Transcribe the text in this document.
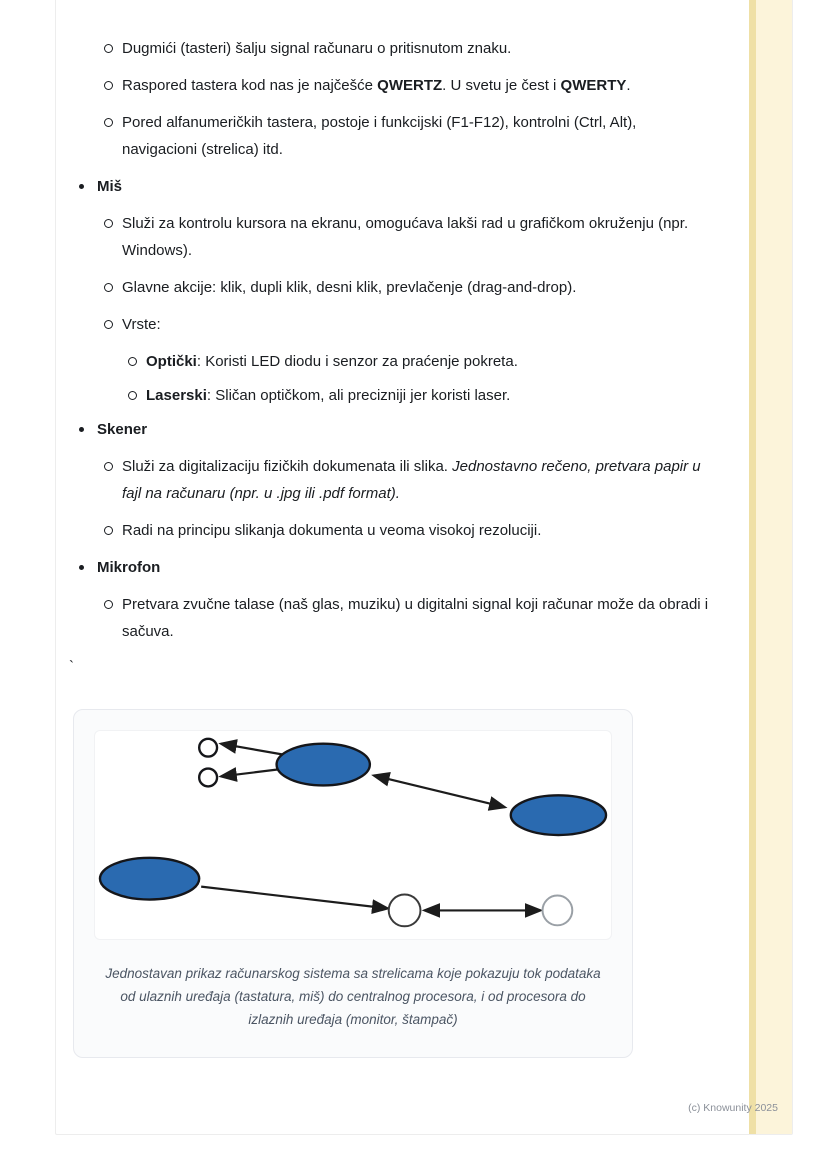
Dugmići (tasteri) šalju signal računaru o pritisnutom znaku.
Raspored tastera kod nas je najčešće QWERTZ. U svetu je čest i QWERTY.
Pored alfanumeričkih tastera, postoje i funkcijski (F1-F12), kontrolni (Ctrl, Alt), navigacioni (strelica) itd.
Miš
Služi za kontrolu kursora na ekranu, omogućava lakši rad u grafičkom okruženju (npr. Windows).
Glavne akcije: klik, dupli klik, desni klik, prevlačenje (drag-and-drop).
Vrste:
Optički: Koristi LED diodu i senzor za praćenje pokreta.
Laserski: Sličan optičkom, ali precizniji jer koristi laser.
Skener
Služi za digitalizaciju fizičkih dokumenata ili slika. Jednostavno rečeno, pretvara papir u fajl na računaru (npr. u .jpg ili .pdf format).
Radi na principu slikanja dokumenta u veoma visokoj rezoluciji.
Mikrofon
Pretvara zvučne talase (naš glas, muziku) u digitalni signal koji računar može da obradi i sačuva.
`
Jednostavan prikaz računarskog sistema sa strelicama koje pokazuju tok podataka od ulaznih uređaja (tastatura, miš) do centralnog procesora, i od procesora do izlaznih uređaja (monitor, štampač)
(c) Knowunity 2025
